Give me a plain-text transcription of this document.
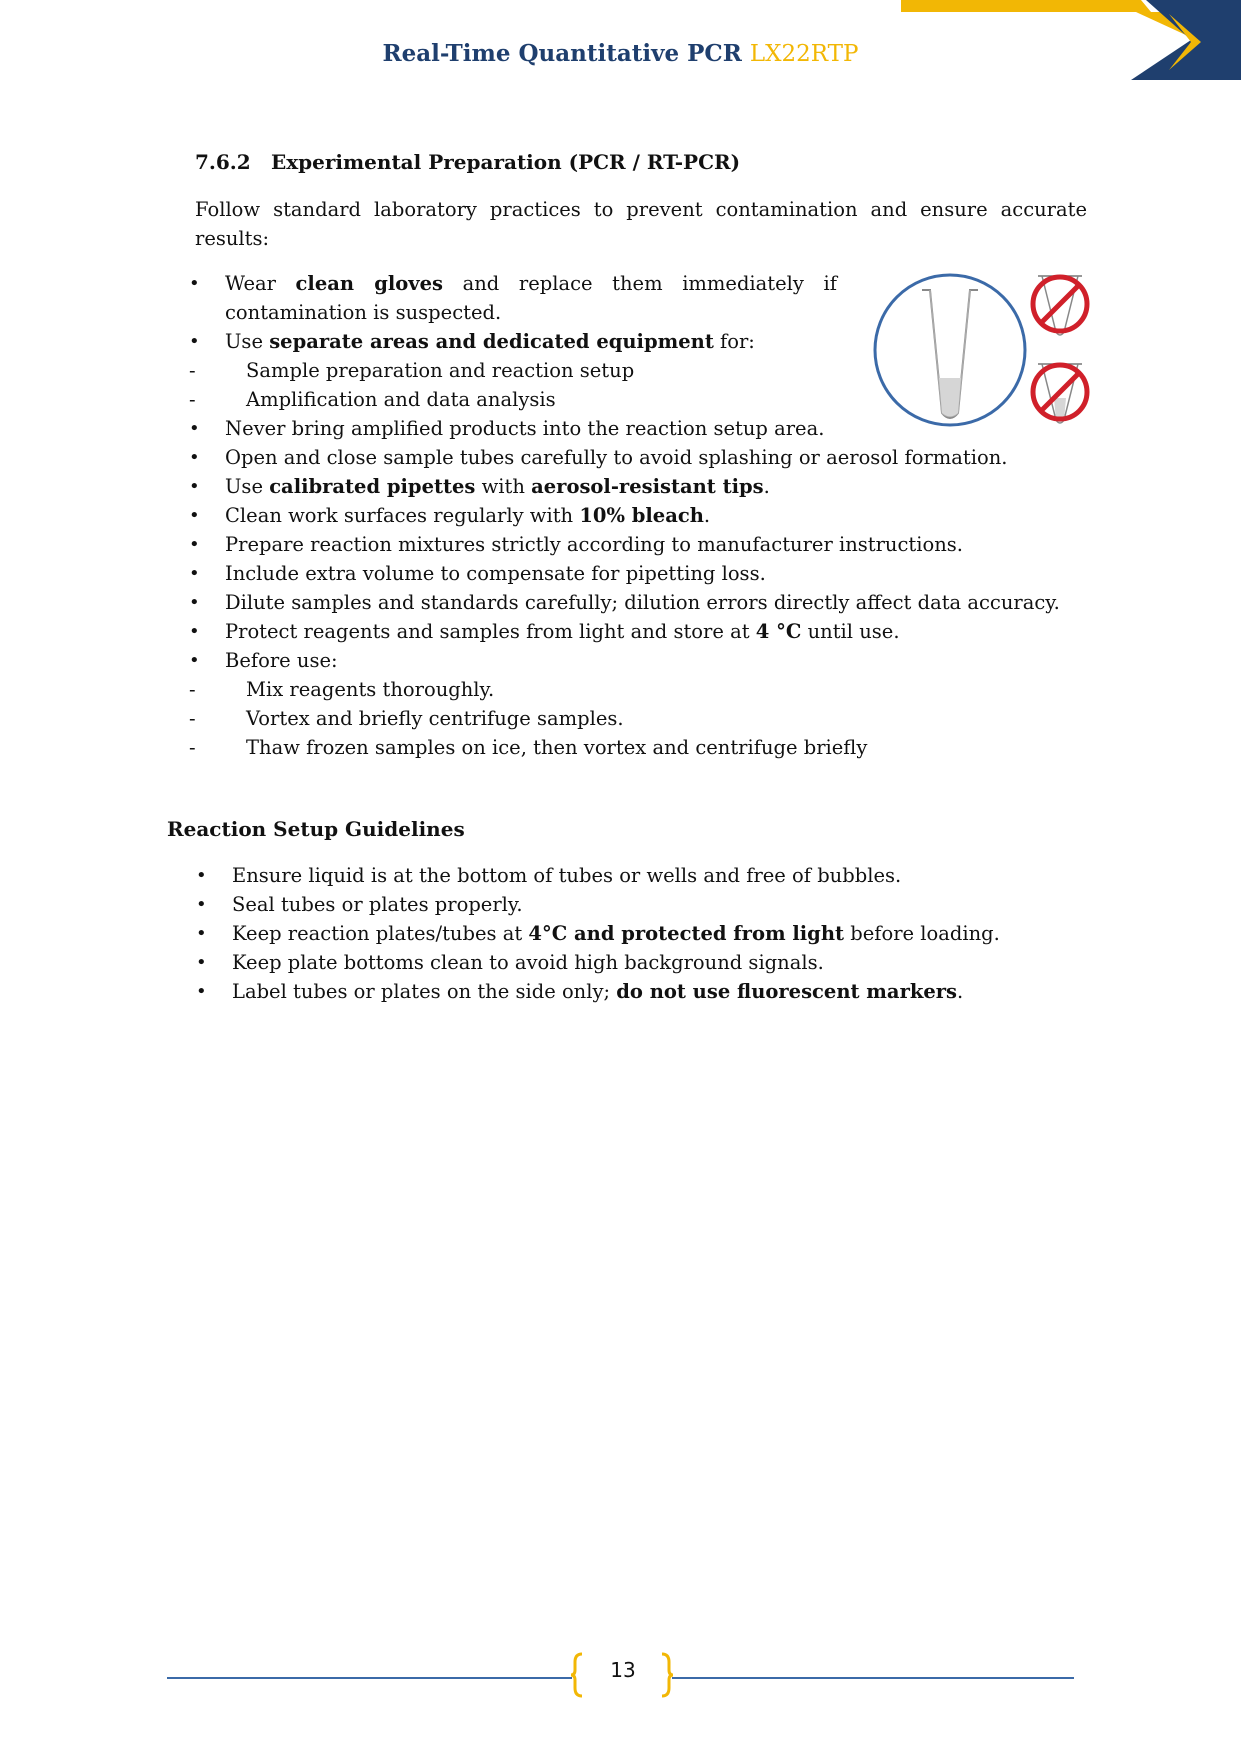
Real-Time Quantitative PCR LX22RTP
7.6.2 Experimental Preparation (PCR / RT-PCR)
Follow standard laboratory practices to prevent contamination and ensure accurate results:
• Wear clean gloves and replace them immediately if contamination is suspected.
• Use separate areas and dedicated equipment for:
- Sample preparation and reaction setup
- Amplification and data analysis
• Never bring amplified products into the reaction setup area.
• Open and close sample tubes carefully to avoid splashing or aerosol formation.
• Use calibrated pipettes with aerosol-resistant tips.
• Clean work surfaces regularly with 10% bleach.
• Prepare reaction mixtures strictly according to manufacturer instructions.
• Include extra volume to compensate for pipetting loss.
• Dilute samples and standards carefully; dilution errors directly affect data accuracy.
• Protect reagents and samples from light and store at 4 °C until use.
• Before use:
- Mix reagents thoroughly.
- Vortex and briefly centrifuge samples.
- Thaw frozen samples on ice, then vortex and centrifuge briefly
Reaction Setup Guidelines
• Ensure liquid is at the bottom of tubes or wells and free of bubbles.
• Seal tubes or plates properly.
• Keep reaction plates/tubes at 4°C and protected from light before loading.
• Keep plate bottoms clean to avoid high background signals.
• Label tubes or plates on the side only; do not use fluorescent markers.
13
